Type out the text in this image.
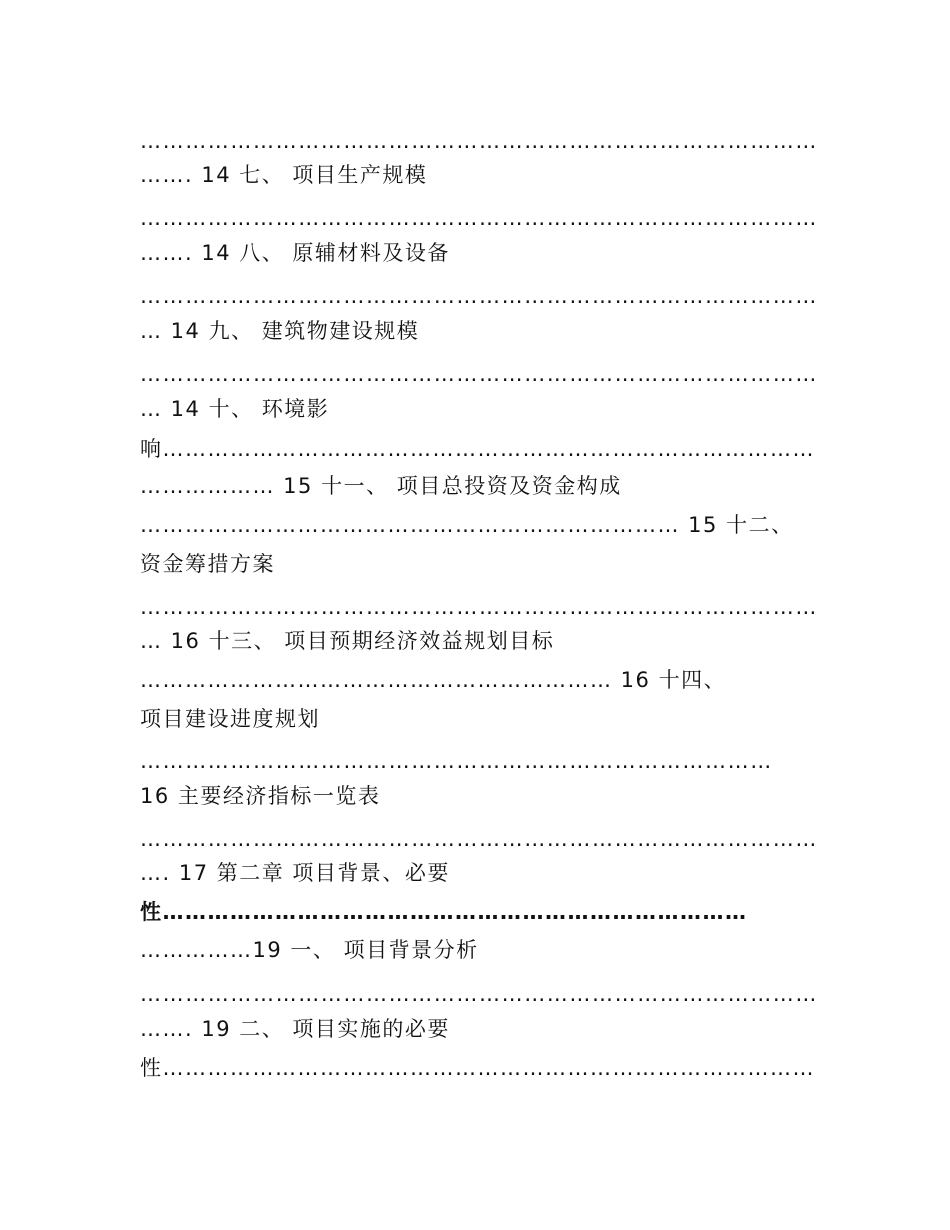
………………………………………………………………………………
……. 14 七、 项目生产规模
………………………………………………………………………………
……. 14 八、 原辅材料及设备
………………………………………………………………………………
… 14 九、 建筑物建设规模
………………………………………………………………………………
… 14 十、 环境影
响……………………………………………………………………………
……………… 15 十一、 项目总投资及资金构成
……………………………………………………………… 15 十二、
资金筹措方案
………………………………………………………………………………
… 16 十三、 项目预期经济效益规划目标
……………………………………………………… 16 十四、
项目建设进度规划
…………………………………………………………………………
16 主要经济指标一览表
………………………………………………………………………………
…. 17 第二章 项目背景、必要
性……………………………………………………………………
……………19 一、 项目背景分析
………………………………………………………………………………
……. 19 二、 项目实施的必要
性……………………………………………………………………………
